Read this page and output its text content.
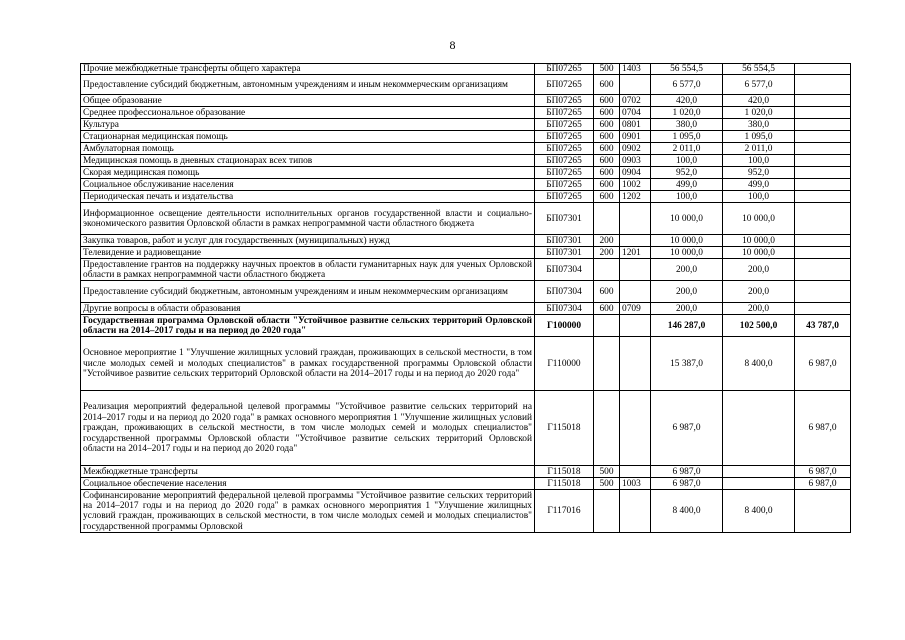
8
Прочие межбюджетные трансферты общего характера	БП07265	500	1403	56 554,5	56 554,5	
Предоставление субсидий бюджетным, автономным учреждениям и иным некоммерческим организациям	БП07265	600		6 577,0	6 577,0	
Общее образование	БП07265	600	0702	420,0	420,0	
Среднее профессиональное образование	БП07265	600	0704	1 020,0	1 020,0	
Культура	БП07265	600	0801	380,0	380,0	
Стационарная медицинская помощь	БП07265	600	0901	1 095,0	1 095,0	
Амбулаторная помощь	БП07265	600	0902	2 011,0	2 011,0	
Медицинская помощь в дневных стационарах всех типов	БП07265	600	0903	100,0	100,0	
Скорая медицинская помощь	БП07265	600	0904	952,0	952,0	
Социальное обслуживание населения	БП07265	600	1002	499,0	499,0	
Периодическая печать и издательства	БП07265	600	1202	100,0	100,0	
Информационное освещение деятельности исполнительных органов государственной власти и социально-экономического развития Орловской области в рамках непрограммной части областного бюджета	БП07301			10 000,0	10 000,0	
Закупка товаров, работ и услуг для государственных (муниципальных) нужд	БП07301	200		10 000,0	10 000,0	
Телевидение и радиовещание	БП07301	200	1201	10 000,0	10 000,0	
Предоставление грантов на поддержку научных проектов в области гуманитарных наук для ученых Орловской области в рамках непрограммной части областного бюджета	БП07304			200,0	200,0	
Предоставление субсидий бюджетным, автономным учреждениям и иным некоммерческим организациям	БП07304	600		200,0	200,0	
Другие вопросы в области образования	БП07304	600	0709	200,0	200,0	
Государственная программа Орловской области "Устойчивое развитие сельских территорий Орловской области на 2014–2017 годы и на период до 2020 года"	Г100000			146 287,0	102 500,0	43 787,0
Основное мероприятие 1 "Улучшение жилищных условий граждан, проживающих в сельской местности, в том числе молодых семей и молодых специалистов" в рамках государственной программы Орловской области "Устойчивое развитие сельских территорий Орловской области на 2014–2017 годы и на период до 2020 года"	Г110000			15 387,0	8 400,0	6 987,0
Реализация мероприятий федеральной целевой программы "Устойчивое развитие сельских территорий на 2014–2017 годы и на период до 2020 года" в рамках основного мероприятия 1 "Улучшение жилищных условий граждан, проживающих в сельской местности, в том числе молодых семей и молодых специалистов" государственной программы Орловской области "Устойчивое развитие сельских территорий Орловской области на 2014–2017 годы и на период до 2020 года"	Г115018			6 987,0		6 987,0
Межбюджетные трансферты	Г115018	500		6 987,0		6 987,0
Социальное обеспечение населения	Г115018	500	1003	6 987,0		6 987,0
Софинансирование мероприятий федеральной целевой программы "Устойчивое развитие сельских территорий на 2014–2017 годы и на период до 2020 года" в рамках основного мероприятия 1 "Улучшение жилищных условий граждан, проживающих в сельской местности, в том числе молодых семей и молодых специалистов" государственной программы Орловской	Г117016			8 400,0	8 400,0	
